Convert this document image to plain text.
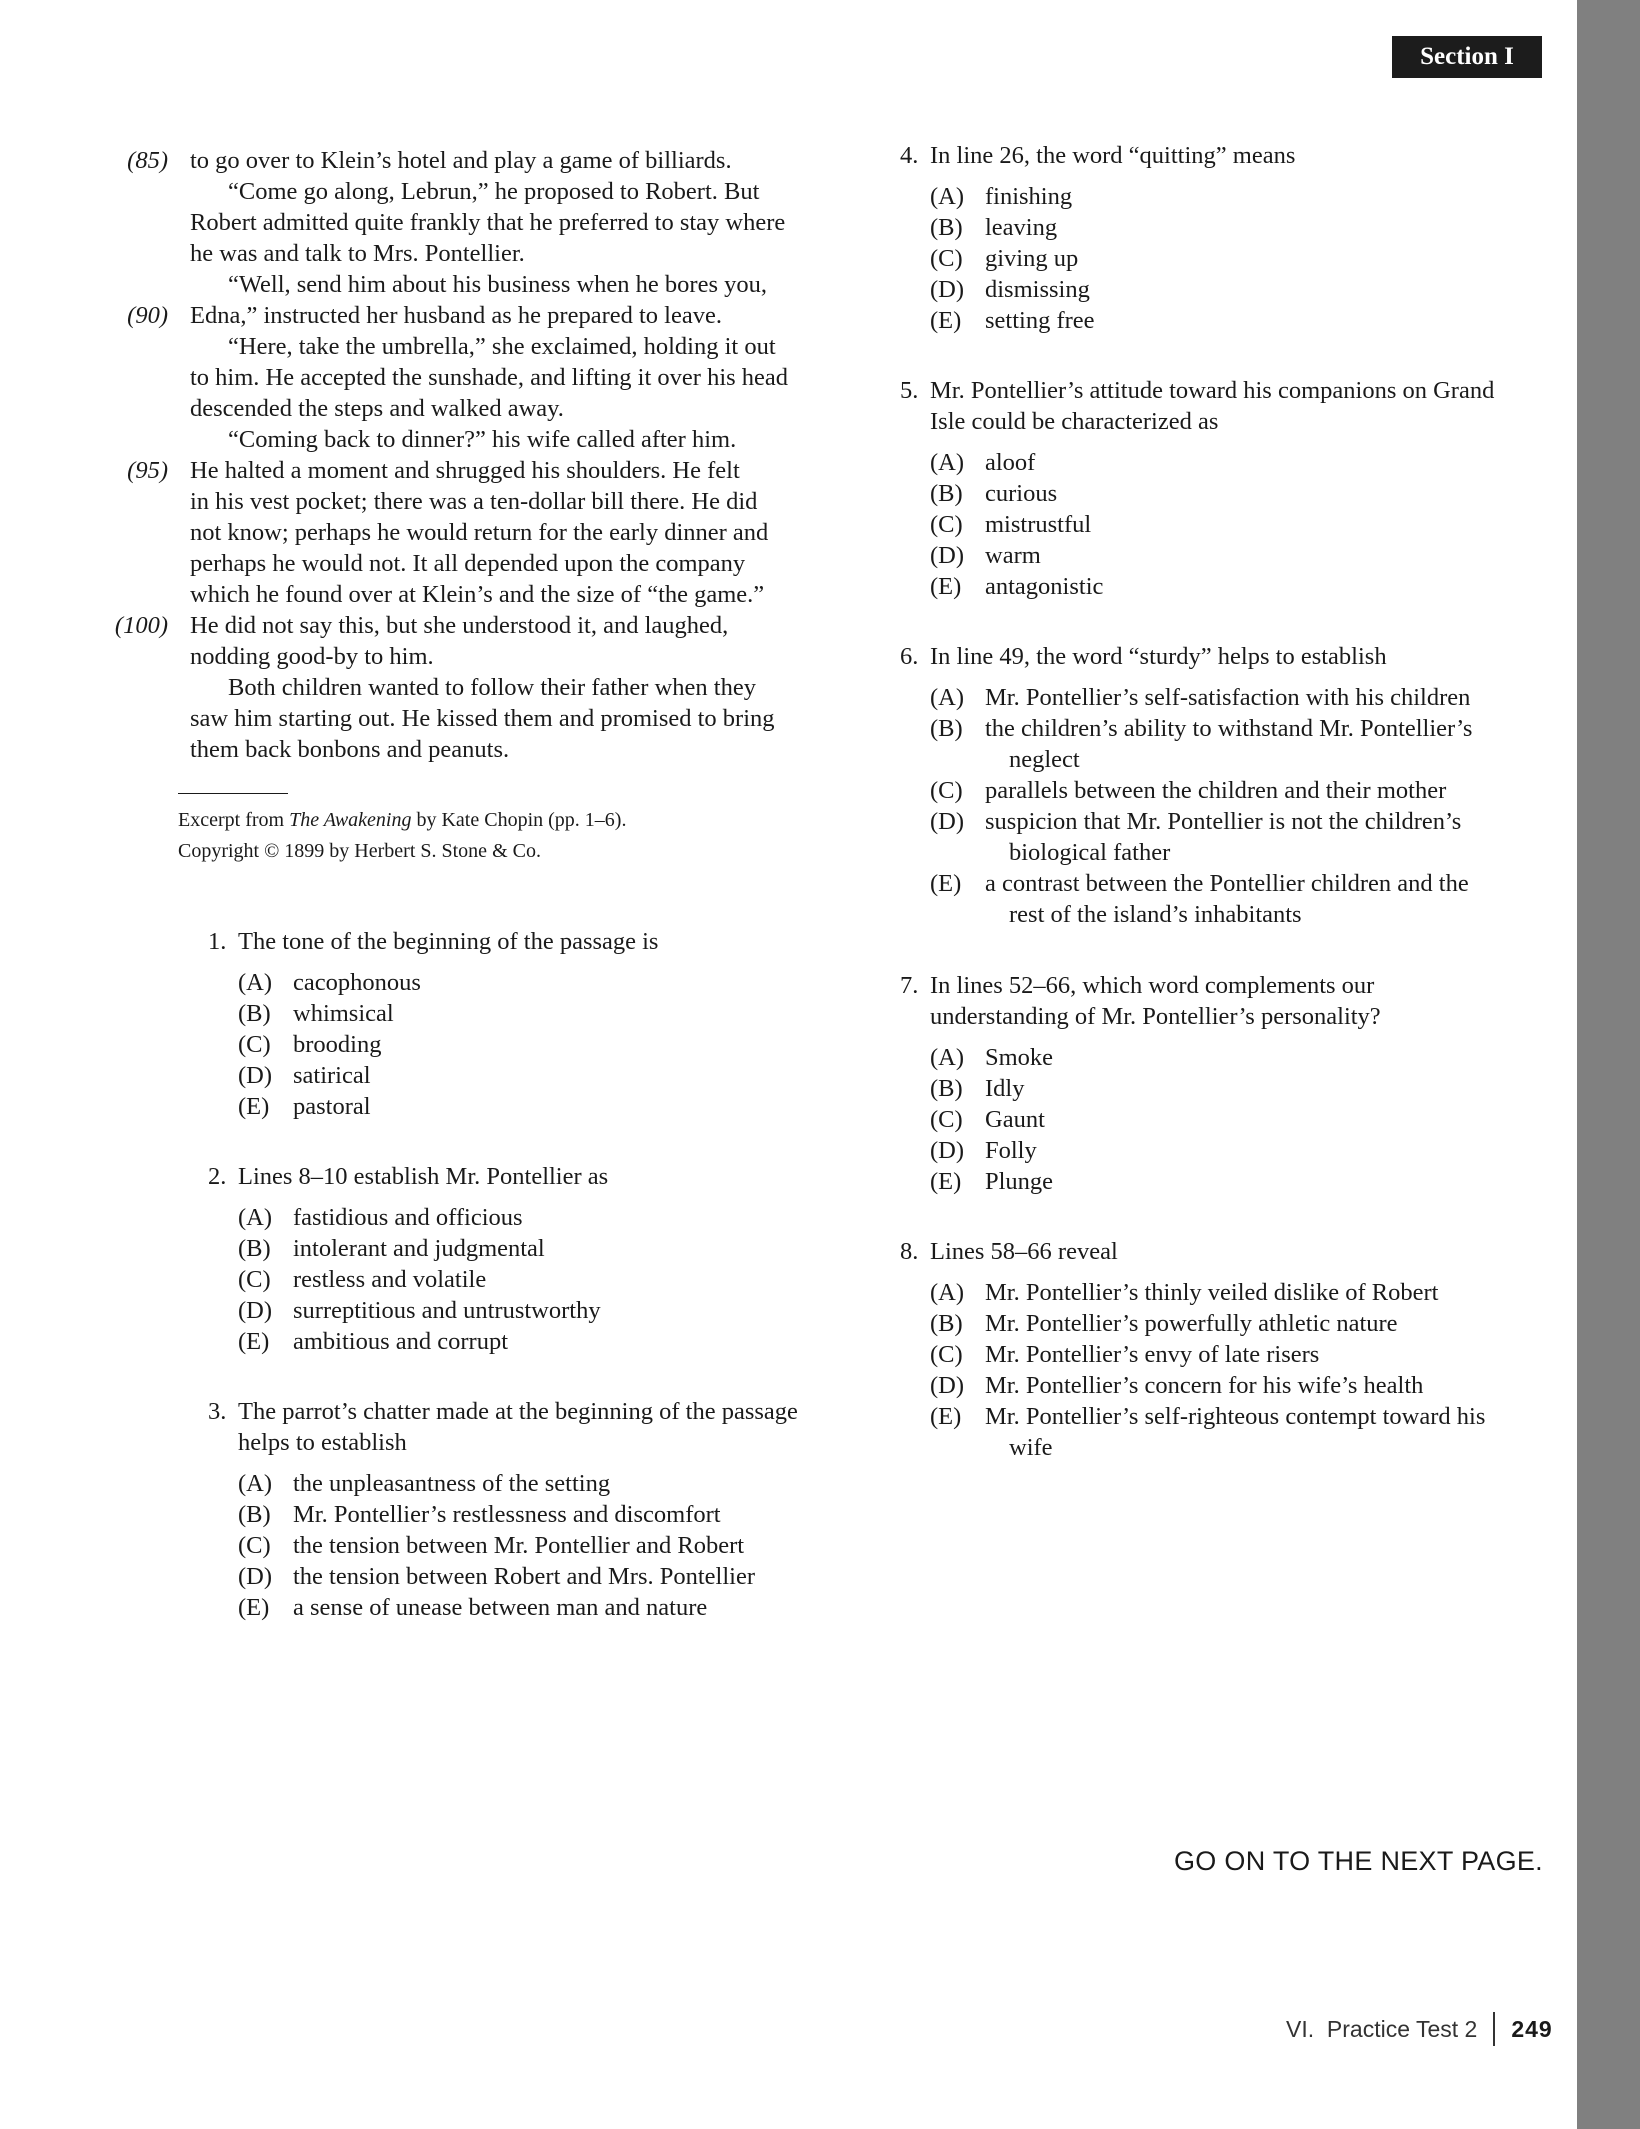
Section I
(85)
(90)
(95)
(100)
to go over to Klein’s hotel and play a game of billiards.
“Come go along, Lebrun,” he proposed to Robert. But
Robert admitted quite frankly that he preferred to stay where
he was and talk to Mrs. Pontellier.
“Well, send him about his business when he bores you,
Edna,” instructed her husband as he prepared to leave.
“Here, take the umbrella,” she exclaimed, holding it out
to him. He accepted the sunshade, and lifting it over his head
descended the steps and walked away.
“Coming back to dinner?” his wife called after him.
He halted a moment and shrugged his shoulders. He felt
in his vest pocket; there was a ten-dollar bill there. He did
not know; perhaps he would return for the early dinner and
perhaps he would not. It all depended upon the company
which he found over at Klein’s and the size of “the game.”
He did not say this, but she understood it, and laughed,
nodding good-by to him.
Both children wanted to follow their father when they
saw him starting out. He kissed them and promised to bring
them back bonbons and peanuts.
Excerpt from The Awakening by Kate Chopin (pp. 1–6).
Copyright © 1899 by Herbert S. Stone & Co.
1. The tone of the beginning of the passage is
(A) cacophonous
(B) whimsical
(C) brooding
(D) satirical
(E) pastoral
2. Lines 8–10 establish Mr. Pontellier as
(A) fastidious and officious
(B) intolerant and judgmental
(C) restless and volatile
(D) surreptitious and untrustworthy
(E) ambitious and corrupt
3. The parrot’s chatter made at the beginning of the passage
helps to establish
(A) the unpleasantness of the setting
(B) Mr. Pontellier’s restlessness and discomfort
(C) the tension between Mr. Pontellier and Robert
(D) the tension between Robert and Mrs. Pontellier
(E) a sense of unease between man and nature
4. In line 26, the word “quitting” means
(A) finishing
(B) leaving
(C) giving up
(D) dismissing
(E) setting free
5. Mr. Pontellier’s attitude toward his companions on Grand
Isle could be characterized as
(A) aloof
(B) curious
(C) mistrustful
(D) warm
(E) antagonistic
6. In line 49, the word “sturdy” helps to establish
(A) Mr. Pontellier’s self-satisfaction with his children
(B) the children’s ability to withstand Mr. Pontellier’s
neglect
(C) parallels between the children and their mother
(D) suspicion that Mr. Pontellier is not the children’s
biological father
(E) a contrast between the Pontellier children and the
rest of the island’s inhabitants
7. In lines 52–66, which word complements our
understanding of Mr. Pontellier’s personality?
(A) Smoke
(B) Idly
(C) Gaunt
(D) Folly
(E) Plunge
8. Lines 58–66 reveal
(A) Mr. Pontellier’s thinly veiled dislike of Robert
(B) Mr. Pontellier’s powerfully athletic nature
(C) Mr. Pontellier’s envy of late risers
(D) Mr. Pontellier’s concern for his wife’s health
(E) Mr. Pontellier’s self-righteous contempt toward his
wife
GO ON TO THE NEXT PAGE.
VI.  Practice Test 2 249
